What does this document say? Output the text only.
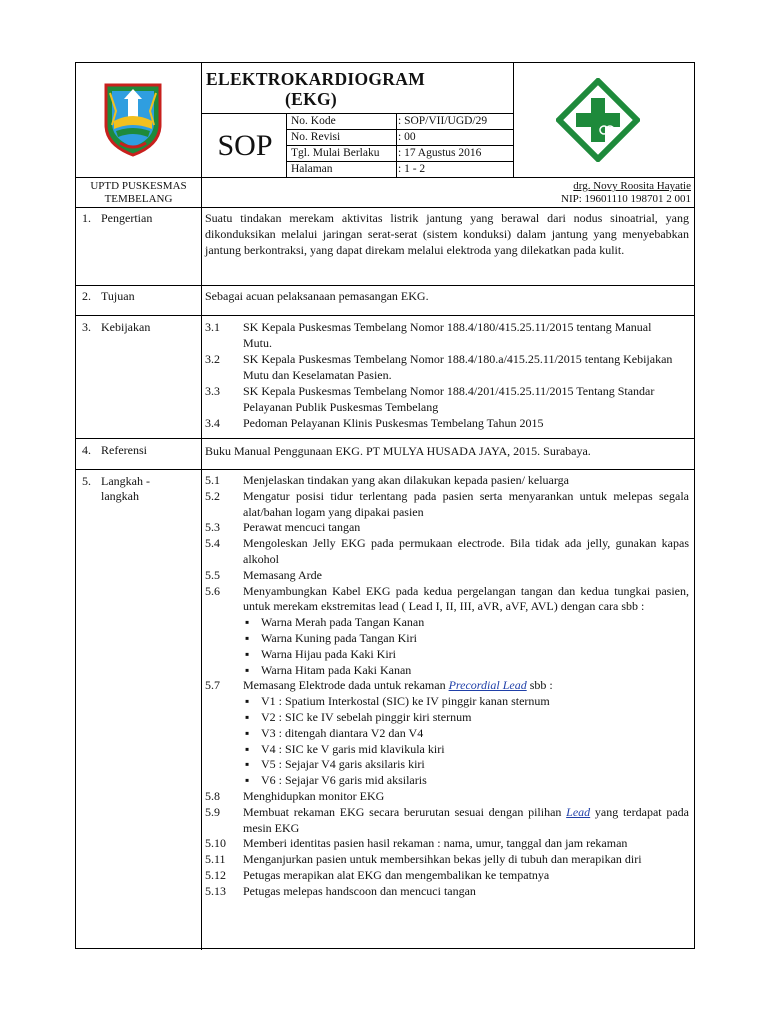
ELEKTROKARDIOGRAM
(EKG)
SOP
No. Kode	: SOP/VII/UGD/29
No. Revisi	: 00
Tgl. Mulai Berlaku : 17 Agustus 2016
Halaman	: 1 - 2
UPTD PUSKESMAS
TEMBELANG
drg. Novy Roosita Hayatie
NIP: 19601110 198701 2 001
1. Pengertian	Suatu tindakan merekam aktivitas listrik jantung yang berawal dari nodus sinoatrial, yang dikonduksikan melalui jaringan serat-serat (sistem konduksi) dalam jantung yang menyebabkan jantung berkontraksi, yang dapat direkam melalui elektroda yang dilekatkan pada kulit.
2. Tujuan	Sebagai acuan pelaksanaan pemasangan EKG.
3. Kebijakan	3.1 SK Kepala Puskesmas Tembelang Nomor 188.4/180/415.25.11/2015 tentang Manual Mutu.
3.2 SK Kepala Puskesmas Tembelang Nomor 188.4/180.a/415.25.11/2015 tentang Kebijakan Mutu dan Keselamatan Pasien.
3.3 SK Kepala Puskesmas Tembelang Nomor 188.4/201/415.25.11/2015 Tentang Standar Pelayanan Publik Puskesmas Tembelang
3.4 Pedoman Pelayanan Klinis Puskesmas Tembelang Tahun 2015
4. Referensi	Buku Manual Penggunaan EKG. PT MULYA HUSADA JAYA, 2015. Surabaya.
5. Langkah -
langkah
5.1 Menjelaskan tindakan yang akan dilakukan kepada pasien/ keluarga
5.2 Mengatur posisi tidur terlentang pada pasien serta menyarankan untuk melepas segala alat/bahan logam yang dipakai pasien
5.3 Perawat mencuci tangan
5.4 Mengoleskan Jelly EKG pada permukaan electrode. Bila tidak ada jelly, gunakan kapas alkohol
5.5 Memasang Arde
5.6 Menyambungkan Kabel EKG pada kedua pergelangan tangan dan kedua tungkai pasien, untuk merekam ekstremitas lead ( Lead I, II, III, aVR, aVF, AVL) dengan cara sbb :
▪ Warna Merah pada Tangan Kanan
▪ Warna Kuning pada Tangan Kiri
▪ Warna Hijau pada Kaki Kiri
▪ Warna Hitam pada Kaki Kanan
5.7 Memasang Elektrode dada untuk rekaman Precordial Lead sbb :
▪ V1 : Spatium Interkostal (SIC) ke IV pinggir kanan sternum
▪ V2 : SIC ke IV sebelah pinggir kiri sternum
▪ V3 : ditengah diantara V2 dan V4
▪ V4 : SIC ke V garis mid klavikula kiri
▪ V5 : Sejajar V4 garis aksilaris kiri
▪ V6 : Sejajar V6 garis mid aksilaris
5.8 Menghidupkan monitor EKG
5.9 Membuat rekaman EKG secara berurutan sesuai dengan pilihan Lead yang terdapat pada mesin EKG
5.10 Memberi identitas pasien hasil rekaman : nama, umur, tanggal dan jam rekaman
5.11 Menganjurkan pasien untuk membersihkan bekas jelly di tubuh dan merapikan diri
5.12 Petugas merapikan alat EKG dan mengembalikan ke tempatnya
5.13 Petugas melepas handscoon dan mencuci tangan
